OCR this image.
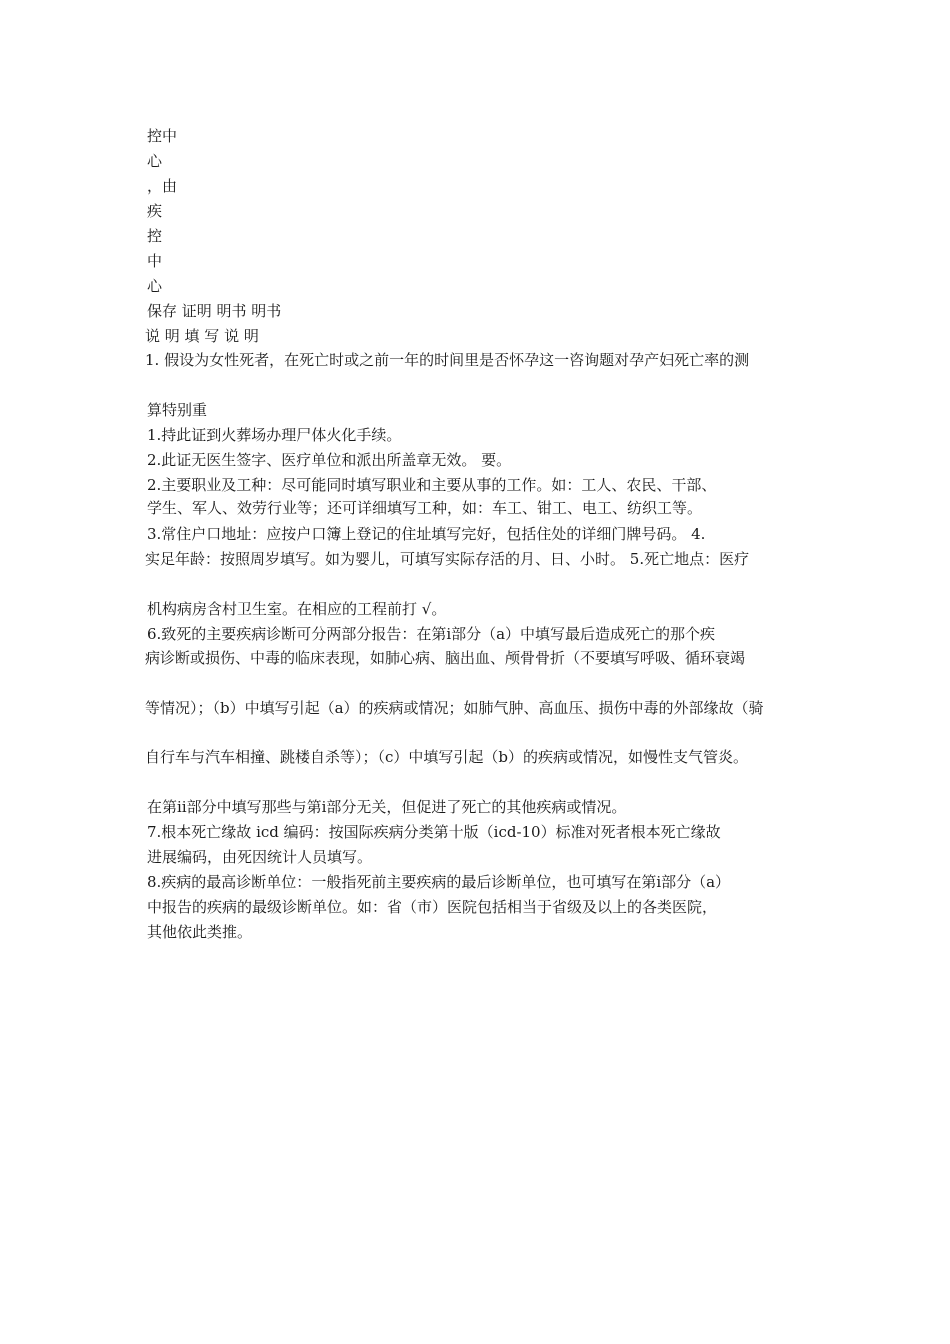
控中
心
，由
疾
控
中
心
保存 证明 明书 明书
说 明 填 写 说 明
1. 假设为女性死者，在死亡时或之前一年的时间里是否怀孕这一咨询题对孕产妇死亡率的测
算特别重
1.持此证到火葬场办理尸体火化手续。
2.此证无医生签字、医疗单位和派出所盖章无效。 要。
2.主要职业及工种：尽可能同时填写职业和主要从事的工作。如：工人、农民、干部、
学生、军人、效劳行业等；还可详细填写工种，如：车工、钳工、电工、纺织工等。
3.常住户口地址：应按户口簿上登记的住址填写完好，包括住处的详细门牌号码。 4.
实足年龄：按照周岁填写。如为婴儿，可填写实际存活的月、日、小时。 5.死亡地点：医疗
机构病房含村卫生室。在相应的工程前打 √。
6.致死的主要疾病诊断可分两部分报告：在第ⅰ部分（a）中填写最后造成死亡的那个疾
病诊断或损伤、中毒的临床表现，如肺心病、脑出血、颅骨骨折（不要填写呼吸、循环衰竭
等情况）；（b）中填写引起（a）的疾病或情况；如肺气肿、高血压、损伤中毒的外部缘故（骑
自行车与汽车相撞、跳楼自杀等）；（c）中填写引起（b）的疾病或情况，如慢性支气管炎。
在第ⅱ部分中填写那些与第ⅰ部分无关，但促进了死亡的其他疾病或情况。
7.根本死亡缘故 icd 编码：按国际疾病分类第十版（icd-10）标准对死者根本死亡缘故
进展编码，由死因统计人员填写。
8.疾病的最高诊断单位：一般指死前主要疾病的最后诊断单位，也可填写在第ⅰ部分（a）
中报告的疾病的最级诊断单位。如：省（市）医院包括相当于省级及以上的各类医院，
其他依此类推。
